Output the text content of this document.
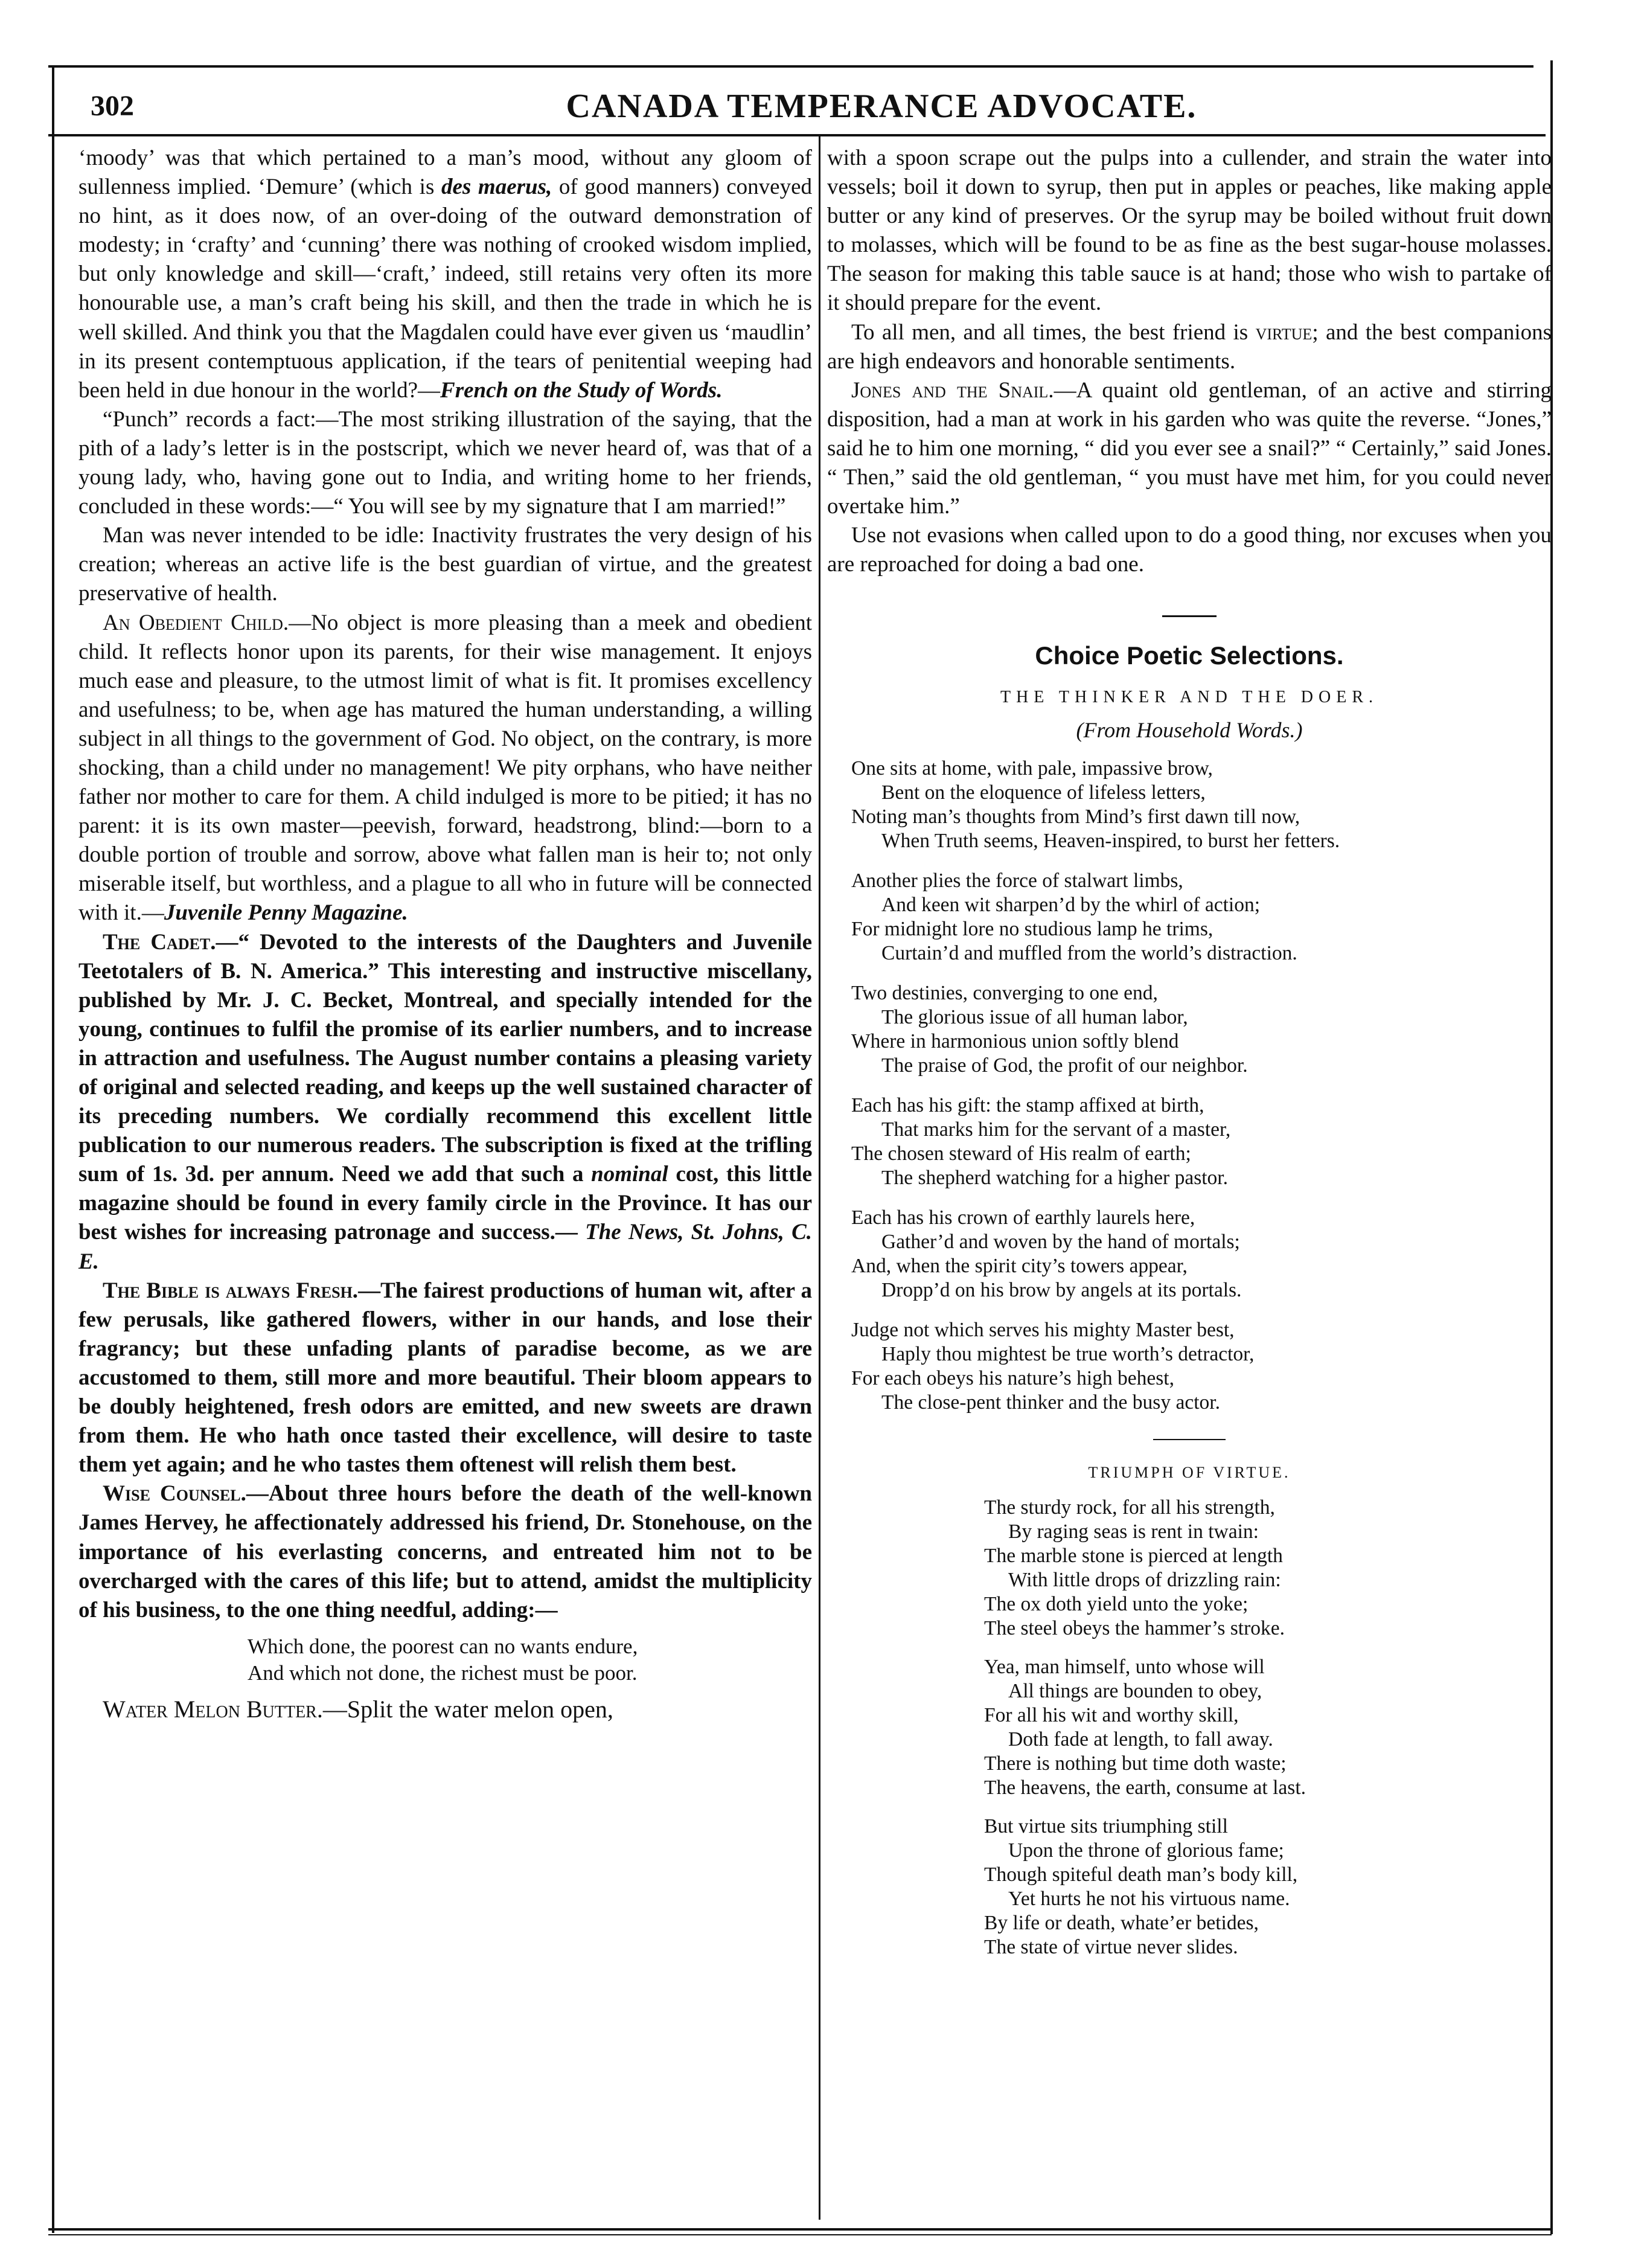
302	CANADA TEMPERANCE ADVOCATE.

‘moody’ was that which pertained to a man’s mood, without any gloom of sullenness implied. ‘Demure’ (which is des maerus, of good manners) conveyed no hint, as it does now, of an over-doing of the outward demonstration of modesty; in ‘crafty’ and ‘cunning’ there was nothing of crooked wisdom implied, but only knowledge and skill—‘craft,’ indeed, still retains very often its more honourable use, a man’s craft being his skill, and then the trade in which he is well skilled. And think you that the Magdalen could have ever given us ‘maudlin’ in its present contemptuous application, if the tears of penitential weeping had been held in due honour in the world?—French on the Study of Words.

“Punch” records a fact:—The most striking illustration of the saying, that the pith of a lady’s letter is in the postscript, which we never heard of, was that of a young lady, who, having gone out to India, and writing home to her friends, concluded in these words:—“ You will see by my signature that I am married!”

Man was never intended to be idle: Inactivity frustrates the very design of his creation; whereas an active life is the best guardian of virtue, and the greatest preservative of health.

An Obedient Child.—No object is more pleasing than a meek and obedient child. It reflects honor upon its parents, for their wise management. It enjoys much ease and pleasure, to the utmost limit of what is fit. It promises excellency and usefulness; to be, when age has matured the human understanding, a willing subject in all things to the government of God. No object, on the contrary, is more shocking, than a child under no management! We pity orphans, who have neither father nor mother to care for them. A child indulged is more to be pitied; it has no parent: it is its own master—peevish, forward, headstrong, blind:—born to a double portion of trouble and sorrow, above what fallen man is heir to; not only miserable itself, but worthless, and a plague to all who in future will be connected with it.—Juvenile Penny Magazine.

The Cadet.—“ Devoted to the interests of the Daughters and Juvenile Teetotalers of B. N. America.” This interesting and instructive miscellany, published by Mr. J. C. Becket, Montreal, and specially intended for the young, continues to fulfil the promise of its earlier numbers, and to increase in attraction and usefulness. The August number contains a pleasing variety of original and selected reading, and keeps up the well sustained character of its preceding numbers. We cordially recommend this excellent little publication to our numerous readers. The subscription is fixed at the trifling sum of 1s. 3d. per annum. Need we add that such a nominal cost, this little magazine should be found in every family circle in the Province. It has our best wishes for increasing patronage and success.— The News, St. Johns, C. E.

The Bible is always Fresh.—The fairest productions of human wit, after a few perusals, like gathered flowers, wither in our hands, and lose their fragrancy; but these unfading plants of paradise become, as we are accustomed to them, still more and more beautiful. Their bloom appears to be doubly heightened, fresh odors are emitted, and new sweets are drawn from them. He who hath once tasted their excellence, will desire to taste them yet again; and he who tastes them oftenest will relish them best.

Wise Counsel.—About three hours before the death of the well-known James Hervey, he affectionately addressed his friend, Dr. Stonehouse, on the importance of his everlasting concerns, and entreated him not to be overcharged with the cares of this life; but to attend, amidst the multiplicity of his business, to the one thing needful, adding:—

Which done, the poorest can no wants endure,
And which not done, the richest must be poor.

Water Melon Butter.—Split the water melon open,

with a spoon scrape out the pulps into a cullender, and strain the water into vessels; boil it down to syrup, then put in apples or peaches, like making apple butter or any kind of preserves. Or the syrup may be boiled without fruit down to molasses, which will be found to be as fine as the best sugar-house molasses. The season for making this table sauce is at hand; those who wish to partake of it should prepare for the event.

To all men, and all times, the best friend is virtue; and the best companions are high endeavors and honorable sentiments.

Jones and the Snail.—A quaint old gentleman, of an active and stirring disposition, had a man at work in his garden who was quite the reverse. “Jones,” said he to him one morning, “ did you ever see a snail?” “ Certainly,” said Jones. “ Then,” said the old gentleman, “ you must have met him, for you could never overtake him.”

Use not evasions when called upon to do a good thing, nor excuses when you are reproached for doing a bad one.

Choice Poetic Selections.
THE THINKER AND THE DOER.
(From Household Words.)
One sits at home, with pale, impassive brow,
Bent on the eloquence of lifeless letters,
Noting man’s thoughts from Mind’s first dawn till now,
When Truth seems, Heaven-inspired, to burst her fetters.
Another plies the force of stalwart limbs,
And keen wit sharpen’d by the whirl of action;
For midnight lore no studious lamp he trims,
Curtain’d and muffled from the world’s distraction.
Two destinies, converging to one end,
The glorious issue of all human labor,
Where in harmonious union softly blend
The praise of God, the profit of our neighbor.
Each has his gift: the stamp affixed at birth,
That marks him for the servant of a master,
The chosen steward of His realm of earth;
The shepherd watching for a higher pastor.
Each has his crown of earthly laurels here,
Gather’d and woven by the hand of mortals;
And, when the spirit city’s towers appear,
Dropp’d on his brow by angels at its portals.
Judge not which serves his mighty Master best,
Haply thou mightest be true worth’s detractor,
For each obeys his nature’s high behest,
The close-pent thinker and the busy actor.
TRIUMPH OF VIRTUE.
The sturdy rock, for all his strength,
By raging seas is rent in twain:
The marble stone is pierced at length
With little drops of drizzling rain:
The ox doth yield unto the yoke;
The steel obeys the hammer’s stroke.
Yea, man himself, unto whose will
All things are bounden to obey,
For all his wit and worthy skill,
Doth fade at length, to fall away.
There is nothing but time doth waste;
The heavens, the earth, consume at last.
But virtue sits triumphing still
Upon the throne of glorious fame;
Though spiteful death man’s body kill,
Yet hurts he not his virtuous name.
By life or death, whate’er betides,
The state of virtue never slides.
